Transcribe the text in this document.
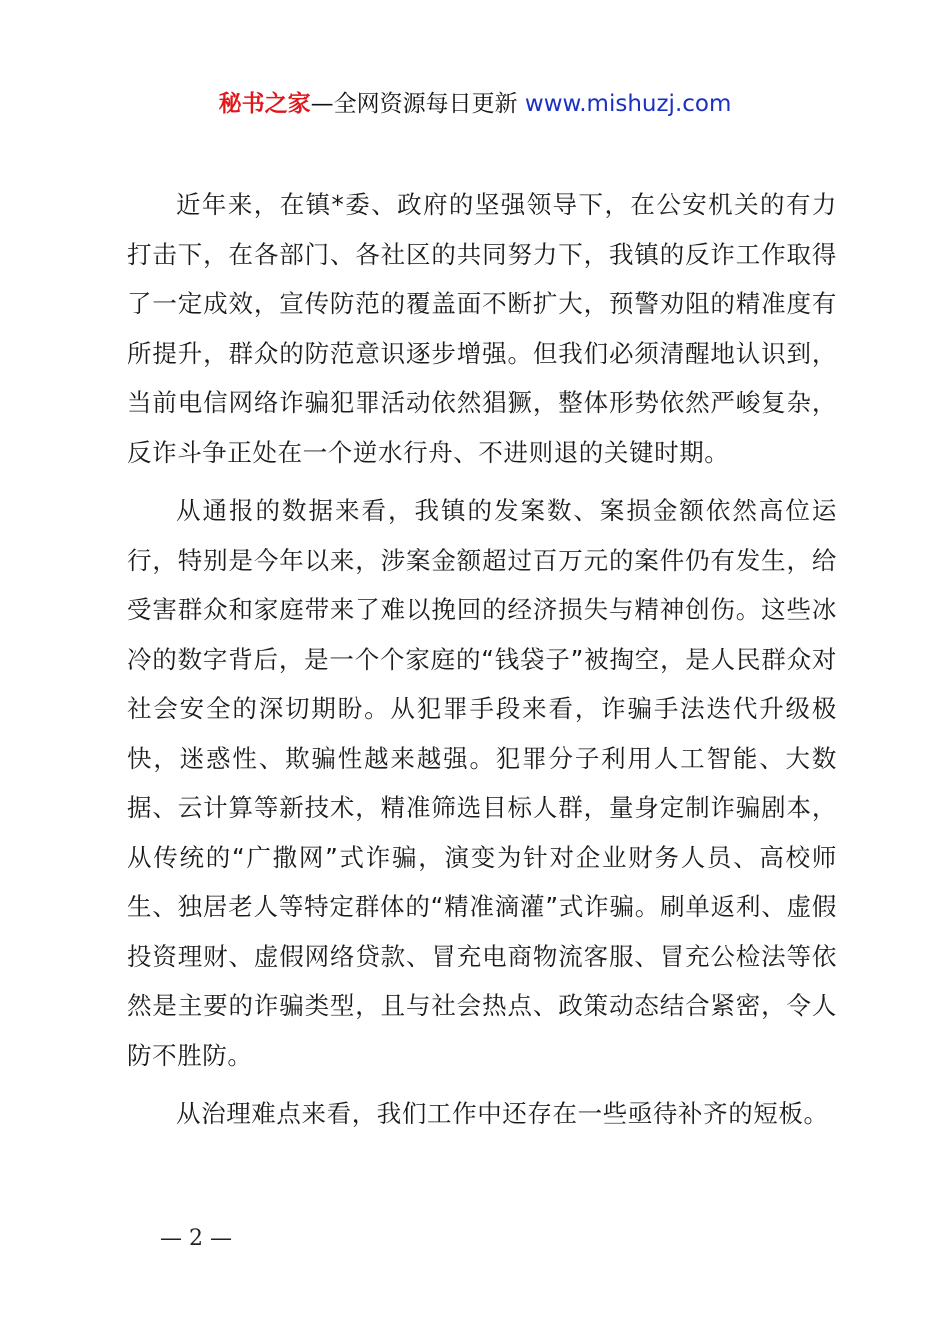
秘书之家—全网资源每日更新 www.mishuzj.com

近年来，在镇*委、政府的坚强领导下，在公安机关的有力打击下，在各部门、各社区的共同努力下，我镇的反诈工作取得了一定成效，宣传防范的覆盖面不断扩大，预警劝阻的精准度有所提升，群众的防范意识逐步增强。但我们必须清醒地认识到，当前电信网络诈骗犯罪活动依然猖獗，整体形势依然严峻复杂，反诈斗争正处在一个逆水行舟、不进则退的关键时期。

从通报的数据来看，我镇的发案数、案损金额依然高位运行，特别是今年以来，涉案金额超过百万元的案件仍有发生，给受害群众和家庭带来了难以挽回的经济损失与精神创伤。这些冰冷的数字背后，是一个个家庭的“钱袋子”被掏空，是人民群众对社会安全的深切期盼。从犯罪手段来看，诈骗手法迭代升级极快，迷惑性、欺骗性越来越强。犯罪分子利用人工智能、大数据、云计算等新技术，精准筛选目标人群，量身定制诈骗剧本，从传统的“广撒网”式诈骗，演变为针对企业财务人员、高校师生、独居老人等特定群体的“精准滴灌”式诈骗。刷单返利、虚假投资理财、虚假网络贷款、冒充电商物流客服、冒充公检法等依然是主要的诈骗类型，且与社会热点、政策动态结合紧密，令人防不胜防。

从治理难点来看，我们工作中还存在一些亟待补齐的短板。

— 2 —
